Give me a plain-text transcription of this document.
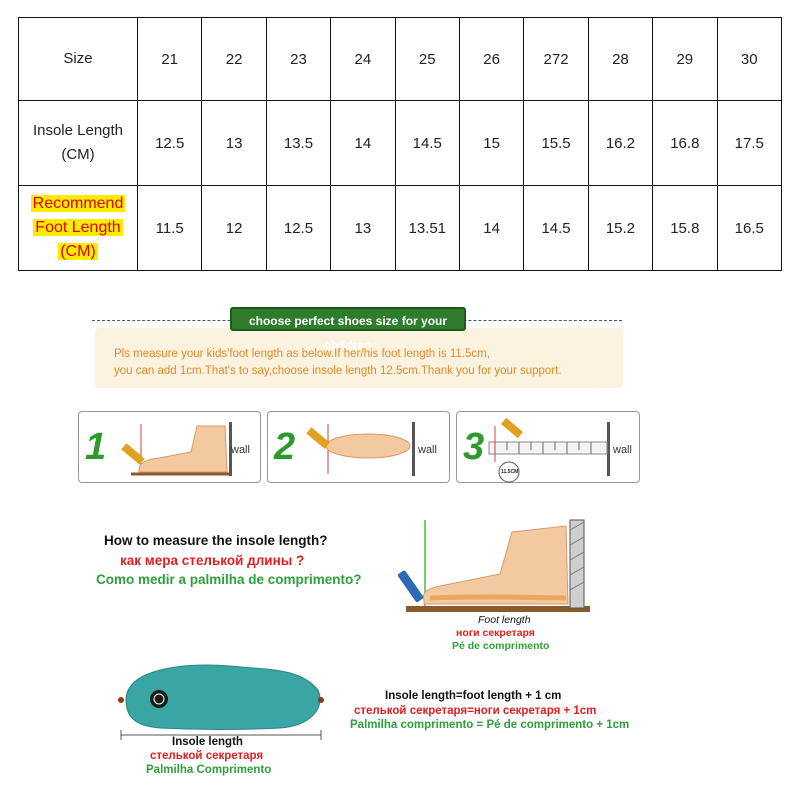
Size	21	22	23	24	25	26	272	28	29	30
Insole Length
(CM)	12.5	13	13.5	14	14.5	15	15.5	16.2	16.8	17.5
Recommend
Foot Length
(CM)	11.5	12	12.5	13	13.51	14	14.5	15.2	15.8	16.5
choose perfect shoes size for your children
Pls measure your kids'foot length as below.If her/his foot length is 11.5cm,
you can add 1cm.That's to say,choose insole length 12.5cm.Thank you for your support.
1	wall 2	wall 3
11.5CM
wall
How to measure the insole length?
как мера стелькой длины ?
Como medir a palmilha de comprimento?
Foot length
ноги секретаря
Pé de comprimento
Insole length
стелькой секретаря
Palmilha Comprimento
Insole length=foot length + 1 cm
стелькой секретаря=ноги секретаря + 1cm
Palmilha comprimento = Pé de comprimento + 1cm
